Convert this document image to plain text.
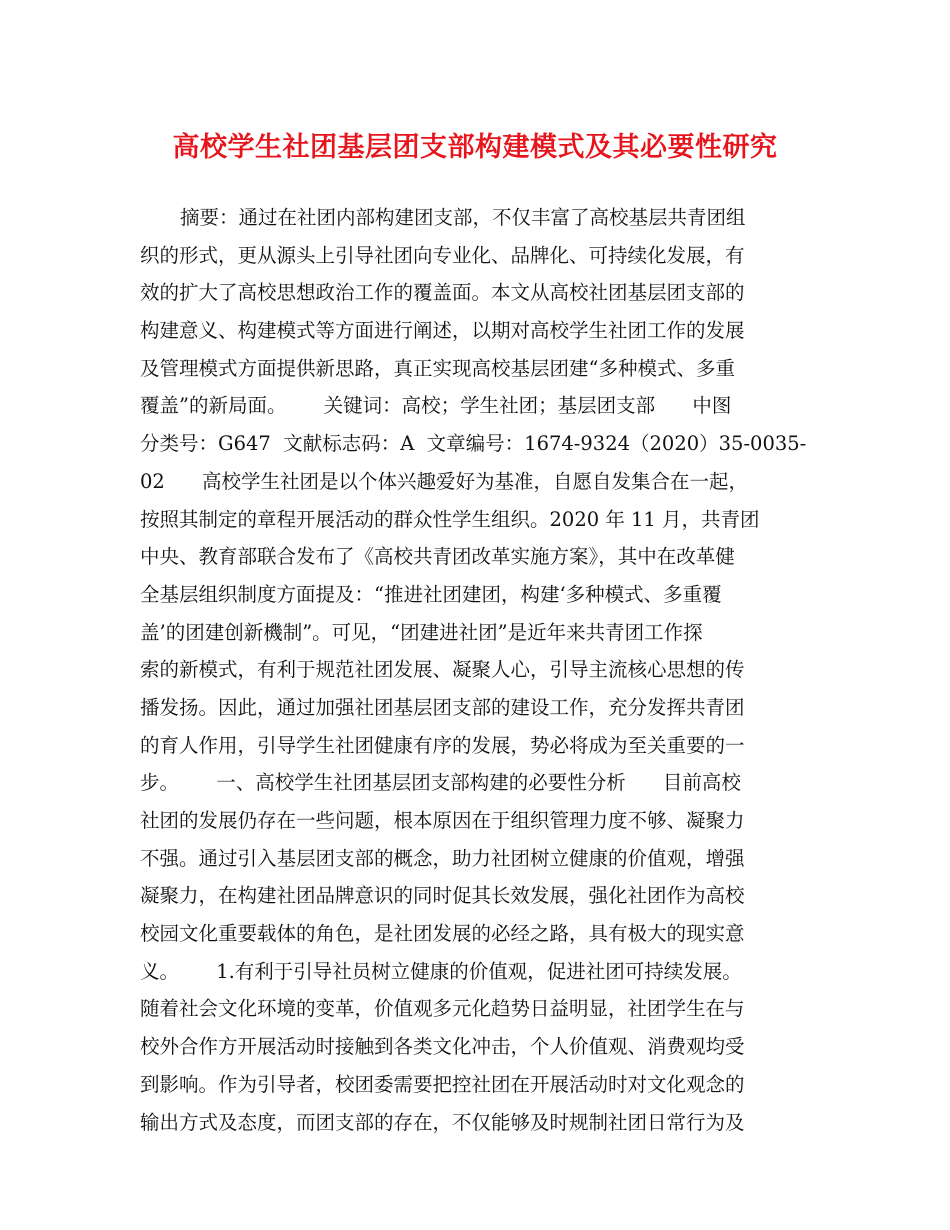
高校学生社团基层团支部构建模式及其必要性研究
摘要：通过在社团内部构建团支部，不仅丰富了高校基层共青团组
织的形式，更从源头上引导社团向专业化、品牌化、可持续化发展，有
效的扩大了高校思想政治工作的覆盖面。本文从高校社团基层团支部的
构建意义、构建模式等方面进行阐述，以期对高校学生社团工作的发展
及管理模式方面提供新思路，真正实现高校基层团建“多种模式、多重
覆盖”的新局面。      关键词：高校；学生社团；基层团支部      中图
分类号：G647  文献标志码：A  文章编号：1674-9324（2020）35-0035-
02      高校学生社团是以个体兴趣爱好为基准，自愿自发集合在一起，
按照其制定的章程开展活动的群众性学生组织。2020 年 11 月，共青团
中央、教育部联合发布了《高校共青团改革实施方案》，其中在改革健
全基层组织制度方面提及：“推进社团建团，构建‘多种模式、多重覆
盖’的团建创新機制”。可见，“团建进社团”是近年来共青团工作探
索的新模式，有利于规范社团发展、凝聚人心，引导主流核心思想的传
播发扬。因此，通过加强社团基层团支部的建设工作，充分发挥共青团
的育人作用，引导学生社团健康有序的发展，势必将成为至关重要的一
步。      一、高校学生社团基层团支部构建的必要性分析      目前高校
社团的发展仍存在一些问题，根本原因在于组织管理力度不够、凝聚力
不强。通过引入基层团支部的概念，助力社团树立健康的价值观，增强
凝聚力，在构建社团品牌意识的同时促其长效发展，强化社团作为高校
校园文化重要载体的角色，是社团发展的必经之路，具有极大的现实意
义。      1.有利于引导社员树立健康的价值观，促进社团可持续发展。
随着社会文化环境的变革，价值观多元化趋势日益明显，社团学生在与
校外合作方开展活动时接触到各类文化冲击，个人价值观、消费观均受
到影响。作为引导者，校团委需要把控社团在开展活动时对文化观念的
输出方式及态度，而团支部的存在，不仅能够及时规制社团日常行为及
